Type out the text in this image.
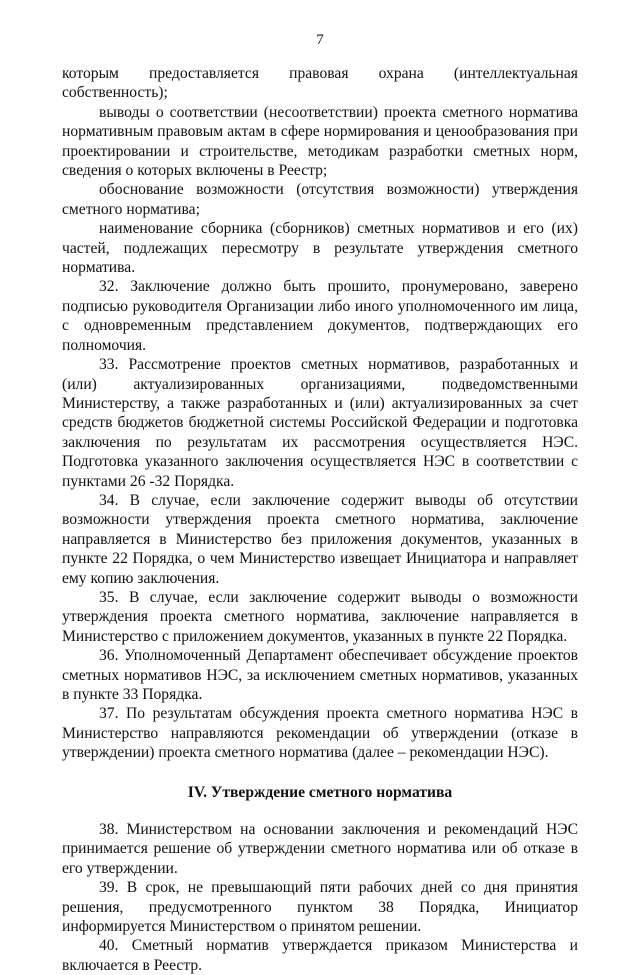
7

которым предоставляется правовая охрана (интеллектуальная собственность);

выводы о соответствии (несоответствии) проекта сметного норматива нормативным правовым актам в сфере нормирования и ценообразования при проектировании и строительстве, методикам разработки сметных норм, сведения о которых включены в Реестр;

обоснование возможности (отсутствия возможности) утверждения сметного норматива;

наименование сборника (сборников) сметных нормативов и его (их) частей, подлежащих пересмотру в результате утверждения сметного норматива.

32. Заключение должно быть прошито, пронумеровано, заверено подписью руководителя Организации либо иного уполномоченного им лица, с одновременным представлением документов, подтверждающих его полномочия.

33. Рассмотрение проектов сметных нормативов, разработанных и (или) актуализированных организациями, подведомственными Министерству, а также разработанных и (или) актуализированных за счет средств бюджетов бюджетной системы Российской Федерации и подготовка заключения по результатам их рассмотрения осуществляется НЭС. Подготовка указанного заключения осуществляется НЭС в соответствии с пунктами 26 -32 Порядка.

34. В случае, если заключение содержит выводы об отсутствии возможности утверждения проекта сметного норматива, заключение направляется в Министерство без приложения документов, указанных в пункте 22 Порядка, о чем Министерство извещает Инициатора и направляет ему копию заключения.

35. В случае, если заключение содержит выводы о возможности утверждения проекта сметного норматива, заключение направляется в Министерство с приложением документов, указанных в пункте 22 Порядка.

36. Уполномоченный Департамент обеспечивает обсуждение проектов сметных нормативов НЭС, за исключением сметных нормативов, указанных в пункте 33 Порядка.

37. По результатам обсуждения проекта сметного норматива НЭС в Министерство направляются рекомендации об утверждении (отказе в утверждении) проекта сметного норматива (далее – рекомендации НЭС).

IV. Утверждение сметного норматива

38. Министерством на основании заключения и рекомендаций НЭС принимается решение об утверждении сметного норматива или об отказе в его утверждении.

39. В срок, не превышающий пяти рабочих дней со дня принятия решения, предусмотренного пунктом 38 Порядка, Инициатор информируется Министерством о принятом решении.

40. Сметный норматив утверждается приказом Министерства и включается в Реестр.
